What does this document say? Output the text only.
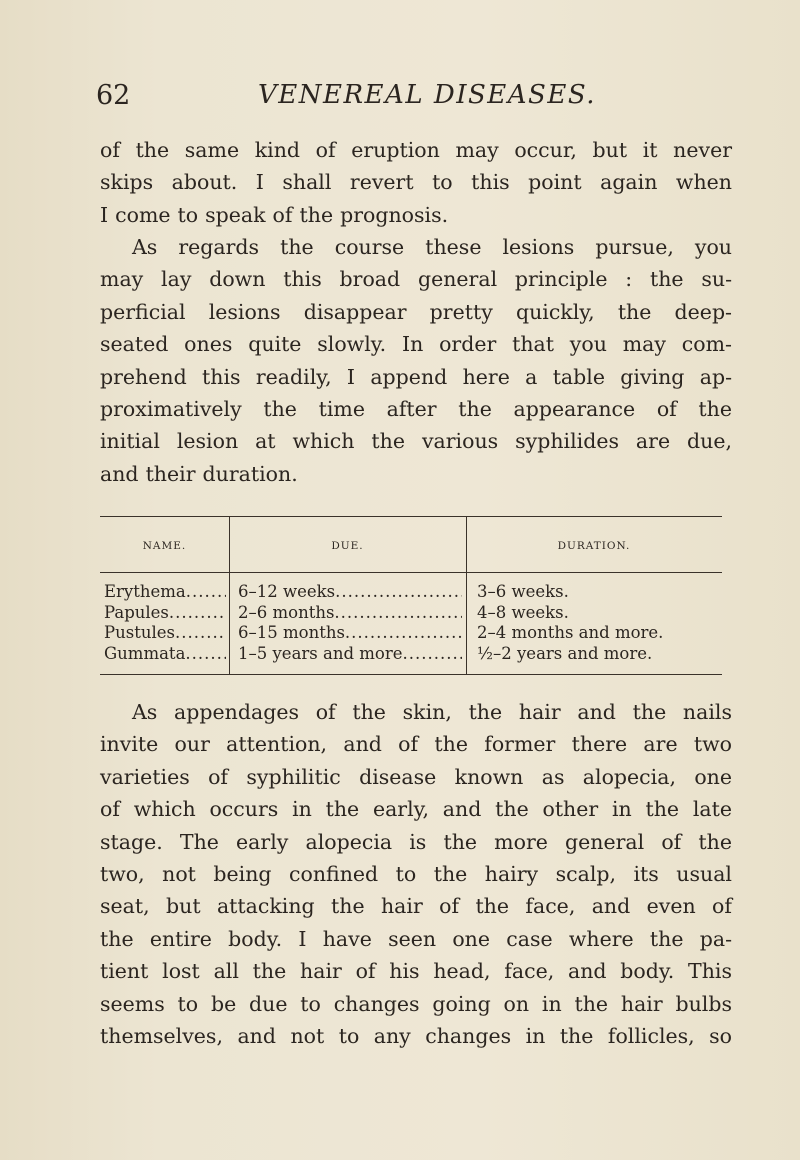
62	VENEREAL DISEASES.

of the same kind of eruption may occur, but it never
skips about. I shall revert to this point again when
I come to speak of the prognosis.

As regards the course these lesions pursue, you
may lay down this broad general principle : the su-
perficial lesions disappear pretty quickly, the deep-
seated ones quite slowly. In order that you may com-
prehend this readily, I append here a table giving ap-
proximatively the time after the appearance of the
initial lesion at which the various syphilides are due,
and their duration.

NAME.	DUE.	DURATION.
Erythema .....	6–12 weeks .....	3–6 weeks.
Papules .....	2–6 months .....	4–8 weeks.
Pustules .....	6–15 months .....	2–4 months and more.
Gummata .....	1–5 years and more .....	½–2 years and more.

As appendages of the skin, the hair and the nails
invite our attention, and of the former there are two
varieties of syphilitic disease known as alopecia, one
of which occurs in the early, and the other in the late
stage. The early alopecia is the more general of the
two, not being confined to the hairy scalp, its usual
seat, but attacking the hair of the face, and even of
the entire body. I have seen one case where the pa-
tient lost all the hair of his head, face, and body. This
seems to be due to changes going on in the hair bulbs
themselves, and not to any changes in the follicles, so
